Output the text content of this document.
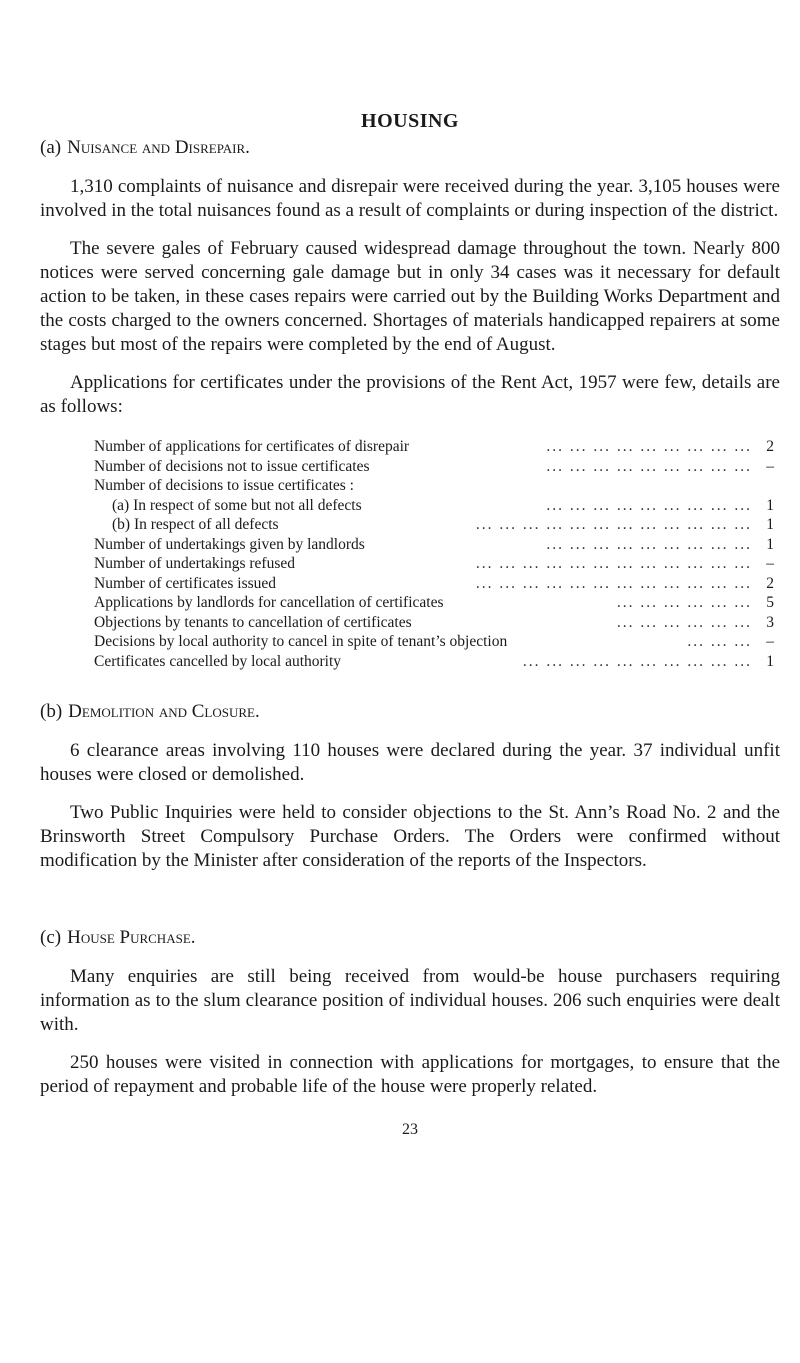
HOUSING
(a) Nuisance and Disrepair.

1,310 complaints of nuisance and disrepair were received during the year. 3,105 houses were involved in the total nuisances found as a result of complaints or during inspection of the district.

The severe gales of February caused widespread damage throughout the town. Nearly 800 notices were served concerning gale damage but in only 34 cases was it necessary for default action to be taken, in these cases repairs were carried out by the Building Works Department and the costs charged to the owners concerned. Shortages of materials handicapped repairers at some stages but most of the repairs were completed by the end of August.

Applications for certificates under the provisions of the Rent Act, 1957 were few, details are as follows:

Number of applications for certificates of disrepair	... ... ... ... ... ... ... ... ... 2
Number of decisions not to issue certificates	... ... ... ... ... ... ... ... ... –
Number of decisions to issue certificates :
(a) In respect of some but not all defects	... ... ... ... ... ... ... ... ... 1
(b) In respect of all defects	... ... ... ... ... ... ... ... ... ... ... ... 1
Number of undertakings given by landlords	... ... ... ... ... ... ... ... ... 1
Number of undertakings refused	... ... ... ... ... ... ... ... ... ... ... ... –
Number of certificates issued	... ... ... ... ... ... ... ... ... ... ... ... 2
Applications by landlords for cancellation of certificates	... ... ... ... ... ... 5
Objections by tenants to cancellation of certificates	... ... ... ... ... ... 3
Decisions by local authority to cancel in spite of tenant’s objection	... ... ... –
Certificates cancelled by local authority	... ... ... ... ... ... ... ... ... ... 1
(b) Demolition and Closure.

6 clearance areas involving 110 houses were declared during the year. 37 individual unfit houses were closed or demolished.

Two Public Inquiries were held to consider objections to the St. Ann’s Road No. 2 and the Brinsworth Street Compulsory Purchase Orders. The Orders were confirmed without modification by the Minister after consideration of the reports of the Inspectors.

(c) House Purchase.

Many enquiries are still being received from would-be house purchasers requiring information as to the slum clearance position of individual houses. 206 such enquiries were dealt with.

250 houses were visited in connection with applications for mortgages, to ensure that the period of repayment and probable life of the house were properly related.

23
